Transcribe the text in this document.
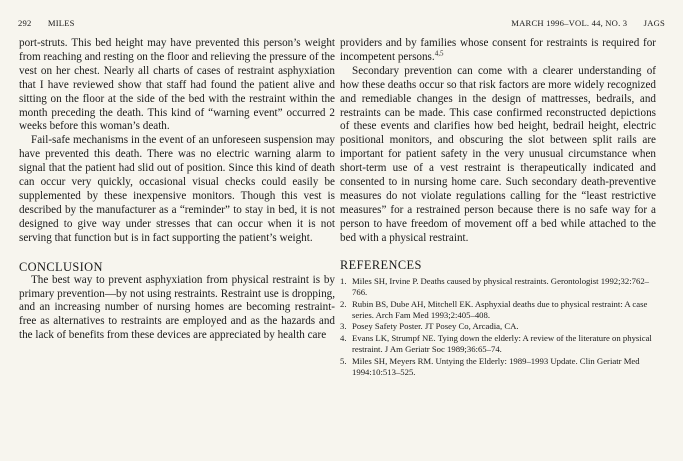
292 MILES	MARCH 1996–VOL. 44, NO. 3 JAGS

port-struts. This bed height may have prevented this person’s weight from reaching and resting on the floor and relieving the pressure of the vest on her chest. Nearly all charts of cases of restraint asphyxiation that I have reviewed show that staff had found the patient alive and sitting on the floor at the side of the bed with the restraint within the month preceding the death. This kind of “warning event” occurred 2 weeks before this woman’s death.

Fail-safe mechanisms in the event of an unforeseen suspension may have prevented this death. There was no electric warning alarm to signal that the patient had slid out of position. Since this kind of death can occur very quickly, occasional visual checks could easily be supplemented by these inexpensive monitors. Though this vest is described by the manufacturer as a “reminder” to stay in bed, it is not designed to give way under stresses that can occur when it is not serving that function but is in fact supporting the patient’s weight.

CONCLUSION

The best way to prevent asphyxiation from physical restraint is by primary prevention—by not using restraints. Restraint use is dropping, and an increasing number of nursing homes are becoming restraint-free as alternatives to restraints are employed and as the hazards and the lack of benefits from these devices are appreciated by health care

providers and by families whose consent for restraints is required for incompetent persons.$^{4,5}$

Secondary prevention can come with a clearer understanding of how these deaths occur so that risk factors are more widely recognized and remediable changes in the design of mattresses, bedrails, and restraints can be made. This case confirmed reconstructed depictions of these events and clarifies how bed height, bedrail height, electric positional monitors, and obscuring the slot between split rails are important for patient safety in the very unusual circumstance when short-term use of a vest restraint is therapeutically indicated and consented to in nursing home care. Such secondary death-preventive measures do not violate regulations calling for the “least restrictive measures” for a restrained person because there is no safe way for a person to have freedom of movement off a bed while attached to the bed with a physical restraint.

REFERENCES
1. Miles SH, Irvine P. Deaths caused by physical restraints. Gerontologist 1992;32:762–766.
2. Rubin BS, Dube AH, Mitchell EK. Asphyxial deaths due to physical restraint: A case series. Arch Fam Med 1993;2:405–408.
3. Posey Safety Poster. JT Posey Co, Arcadia, CA.
4. Evans LK, Strumpf NE. Tying down the elderly: A review of the literature on physical restraint. J Am Geriatr Soc 1989;36:65–74.
5. Miles SH, Meyers RM. Untying the Elderly: 1989–1993 Update. Clin Geriatr Med 1994:10:513–525.
